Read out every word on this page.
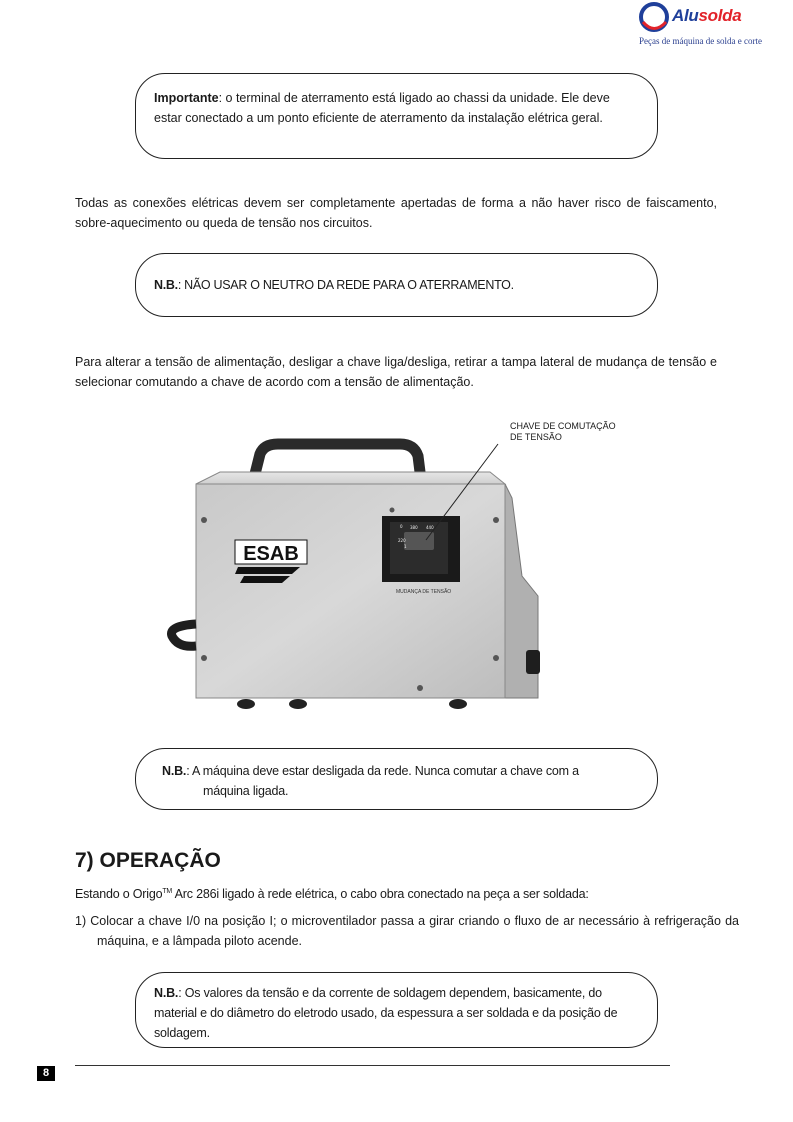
Alusolda
Peças de máquina de solda e corte
Importante: o terminal de aterramento está ligado ao chassi da unidade. Ele deve estar conectado a um ponto eficiente de aterramento da instalação elétrica geral.
Todas as conexões elétricas devem ser completamente apertadas de forma a não haver risco de faiscamento, sobre-aquecimento ou queda de tensão nos circuitos.
N.B.: NÃO USAR O NEUTRO DA REDE PARA O ATERRAMENTO.
Para alterar a tensão de alimentação, desligar a chave liga/desliga, retirar a tampa lateral de mudança de tensão e selecionar comutando a chave de acordo com a tensão de alimentação.
CHAVE DE COMUTAÇÃO
DE TENSÃO
ESAB
0 380 440
220
1
MUDANÇA DE TENSÃO
N.B.: A máquina deve estar desligada da rede. Nunca comutar a chave com a
máquina ligada.
7) OPERAÇÃO
Estando o Origo™ Arc 286i ligado à rede elétrica, o cabo obra conectado na peça a ser soldada:
1) Colocar a chave I/0 na posição I; o microventilador passa a girar criando o fluxo de ar necessário à refrigeração da máquina, e a lâmpada piloto acende.
N.B.: Os valores da tensão e da corrente de soldagem dependem, basicamente, do material e do diâmetro do eletrodo usado, da espessura a ser soldada e da posição de soldagem.
8
